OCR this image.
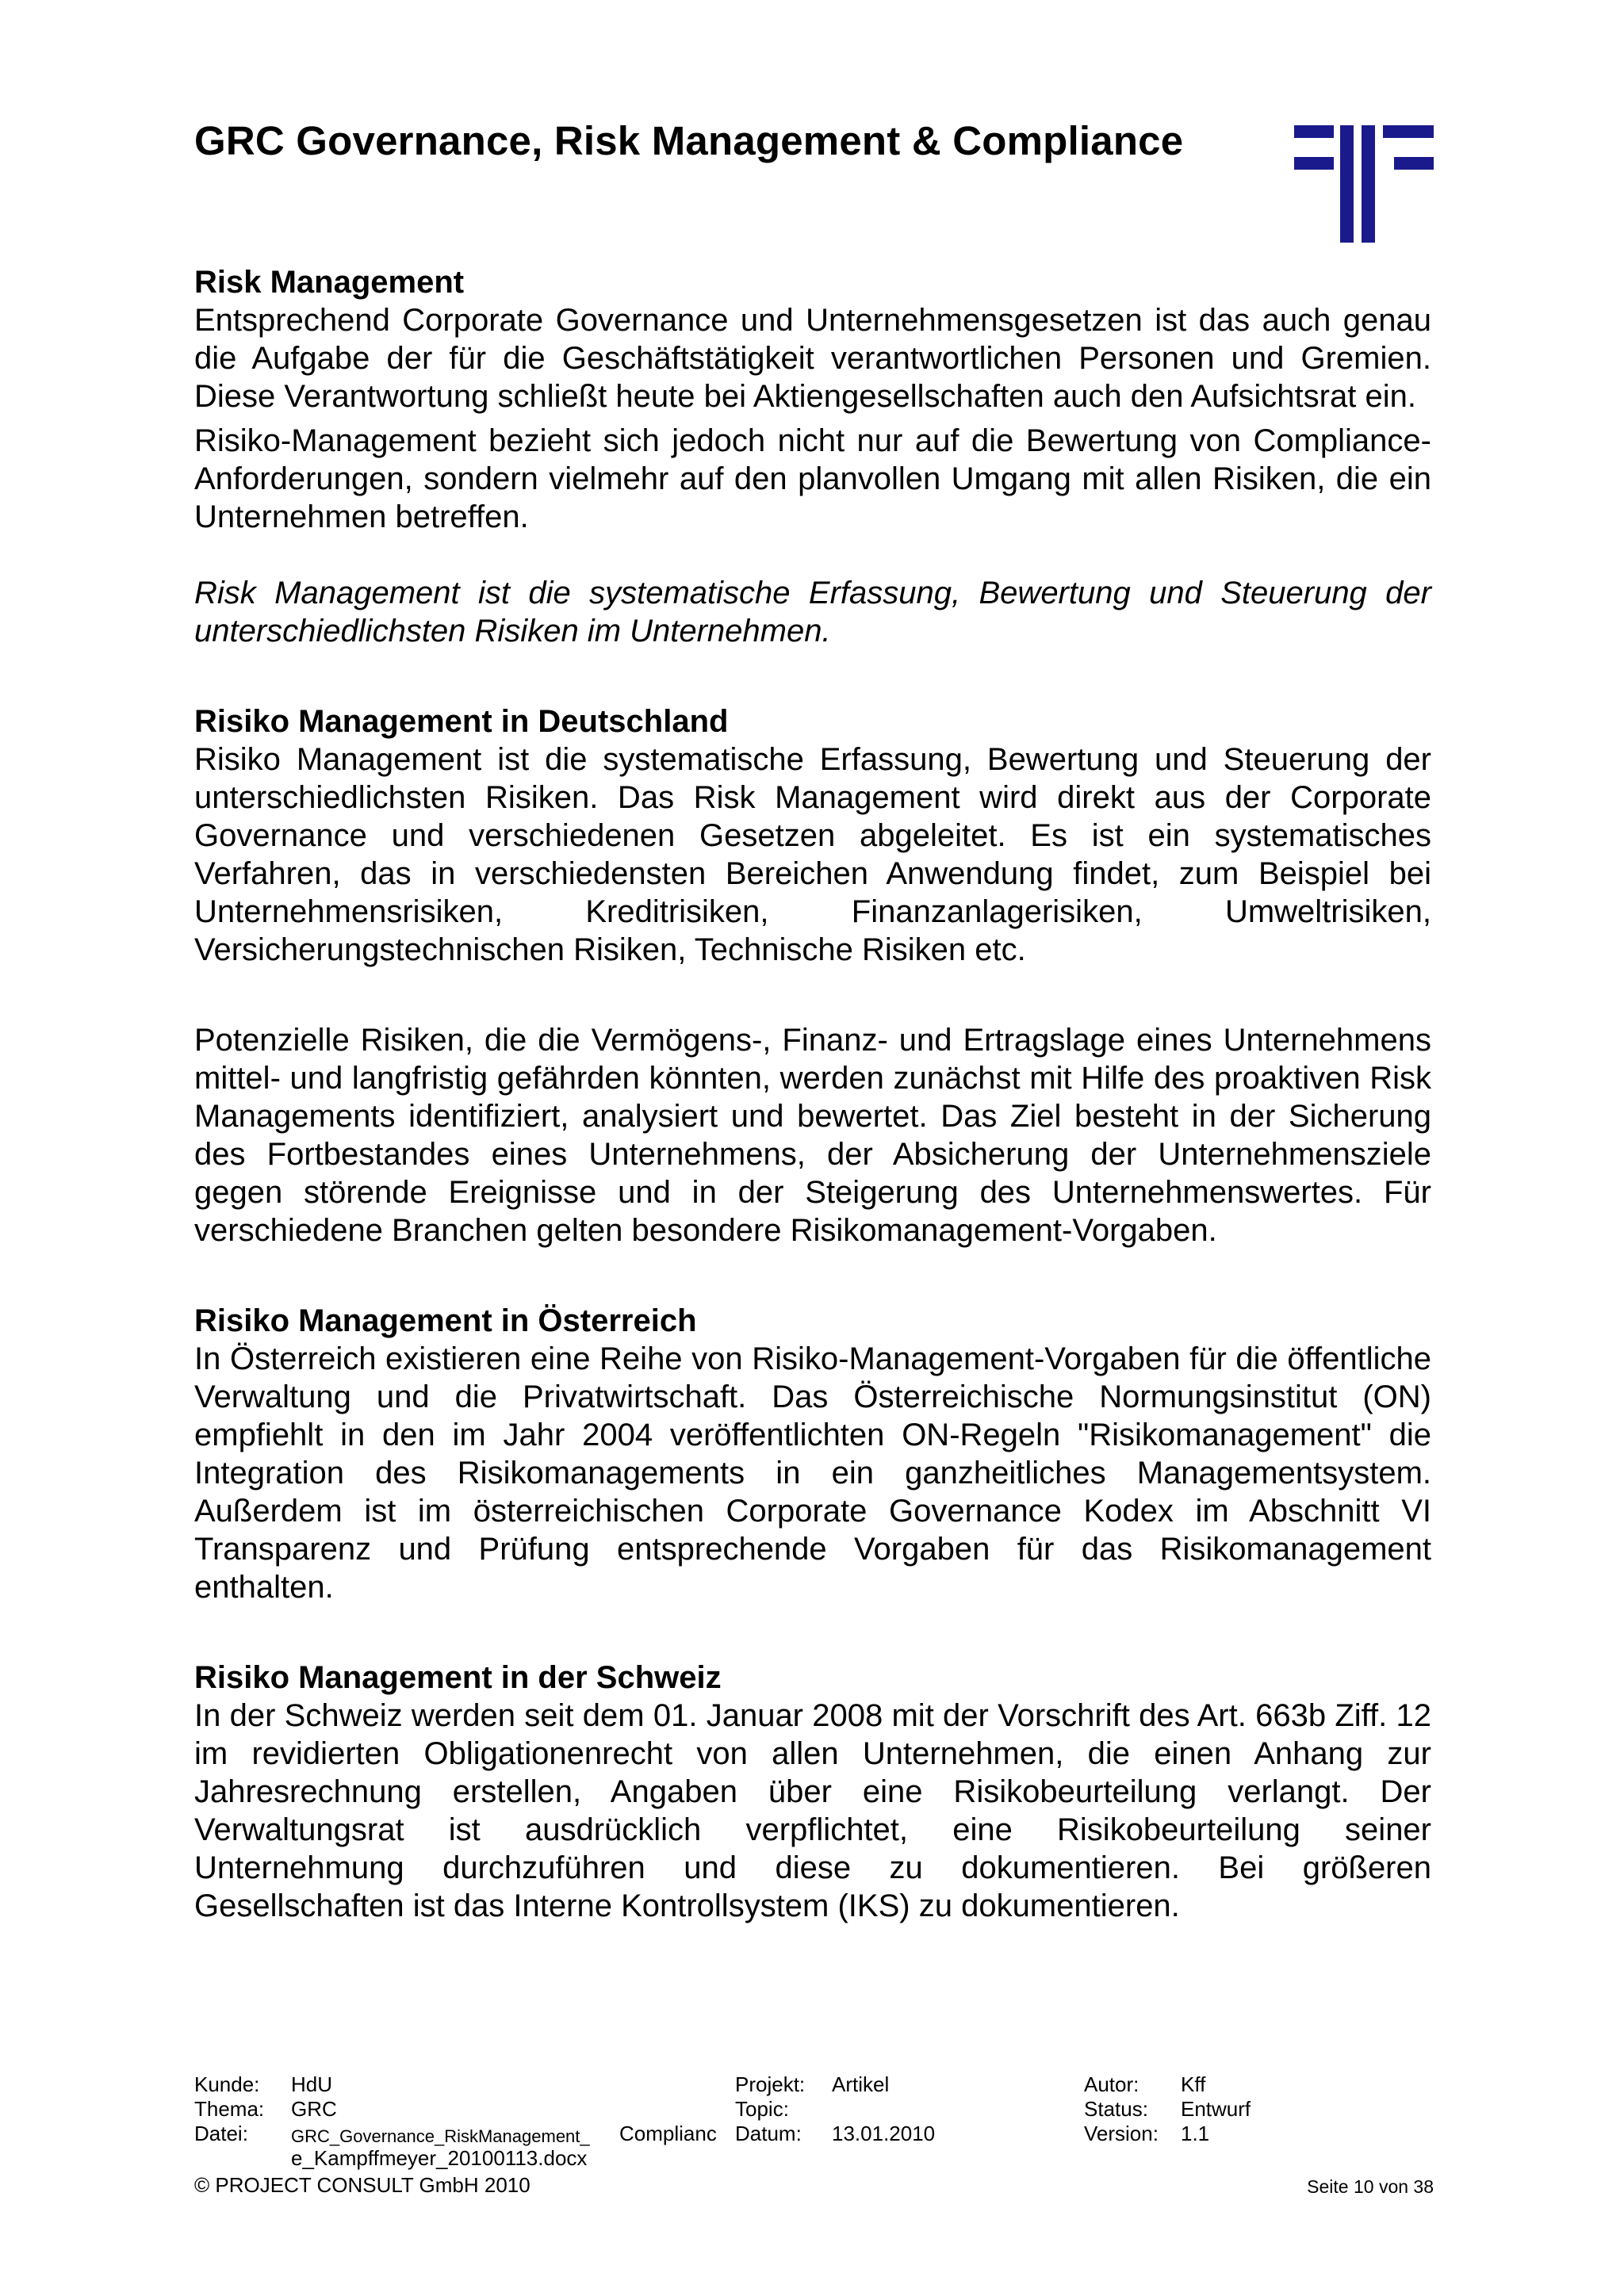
GRC Governance, Risk Management & Compliance
Risk Management

Entsprechend Corporate Governance und Unternehmensgesetzen ist das auch genau die Aufgabe der für die Geschäftstätigkeit verantwortlichen Personen und Gremien. Diese Verantwortung schließt heute bei Aktiengesellschaften auch den Aufsichtsrat ein.

Risiko-Management bezieht sich jedoch nicht nur auf die Bewertung von Compliance-Anforderungen, sondern vielmehr auf den planvollen Umgang mit allen Risiken, die ein Unternehmen betreffen.

Risk Management ist die systematische Erfassung, Bewertung und Steuerung der unterschiedlichsten Risiken im Unternehmen.

Risiko Management in Deutschland

Risiko Management ist die systematische Erfassung, Bewertung und Steuerung der unterschiedlichsten Risiken. Das Risk Management wird direkt aus der Corporate Governance und verschiedenen Gesetzen abgeleitet. Es ist ein systematisches Verfahren, das in verschiedensten Bereichen Anwendung findet, zum Beispiel bei Unternehmensrisiken, Kreditrisiken, Finanzanlagerisiken, Umweltrisiken, Versicherungstechnischen Risiken, Technische Risiken etc.

Potenzielle Risiken, die die Vermögens-, Finanz- und Ertragslage eines Unternehmens mittel- und langfristig gefährden könnten, werden zunächst mit Hilfe des proaktiven Risk Managements identifiziert, analysiert und bewertet. Das Ziel besteht in der Sicherung des Fortbestandes eines Unternehmens, der Absicherung der Unternehmensziele gegen störende Ereignisse und in der Steigerung des Unternehmenswertes. Für verschiedene Branchen gelten besondere Risikomanagement-Vorgaben.

Risiko Management in Österreich

In Österreich existieren eine Reihe von Risiko-Management-Vorgaben für die öffentliche Verwaltung und die Privatwirtschaft. Das Österreichische Normungsinstitut (ON) empfiehlt in den im Jahr 2004 veröffentlichten ON-Regeln "Risikomanagement" die Integration des Risikomanagements in ein ganzheitliches Managementsystem. Außerdem ist im österreichischen Corporate Governance Kodex im Abschnitt VI Transparenz und Prüfung entsprechende Vorgaben für das Risikomanagement enthalten.

Risiko Management in der Schweiz

In der Schweiz werden seit dem 01. Januar 2008 mit der Vorschrift des Art. 663b Ziff. 12 im revidierten Obligationenrecht von allen Unternehmen, die einen Anhang zur Jahresrechnung erstellen, Angaben über eine Risikobeurteilung verlangt. Der Verwaltungsrat ist ausdrücklich verpflichtet, eine Risikobeurteilung seiner Unternehmung durchzuführen und diese zu dokumentieren. Bei größeren Gesellschaften ist das Interne Kontrollsystem (IKS) zu dokumentieren.

Kunde: HdU
Thema: GRC
Datei: GRC_Governance_RiskManagement_ Complianc
e_Kampffmeyer_20100113.docx
Projekt: Artikel
Topic:
Datum: 13.01.2010
Autor: Kff
Status: Entwurf
Version: 1.1
© PROJECT CONSULT GmbH 2010	Seite 10 von 38
